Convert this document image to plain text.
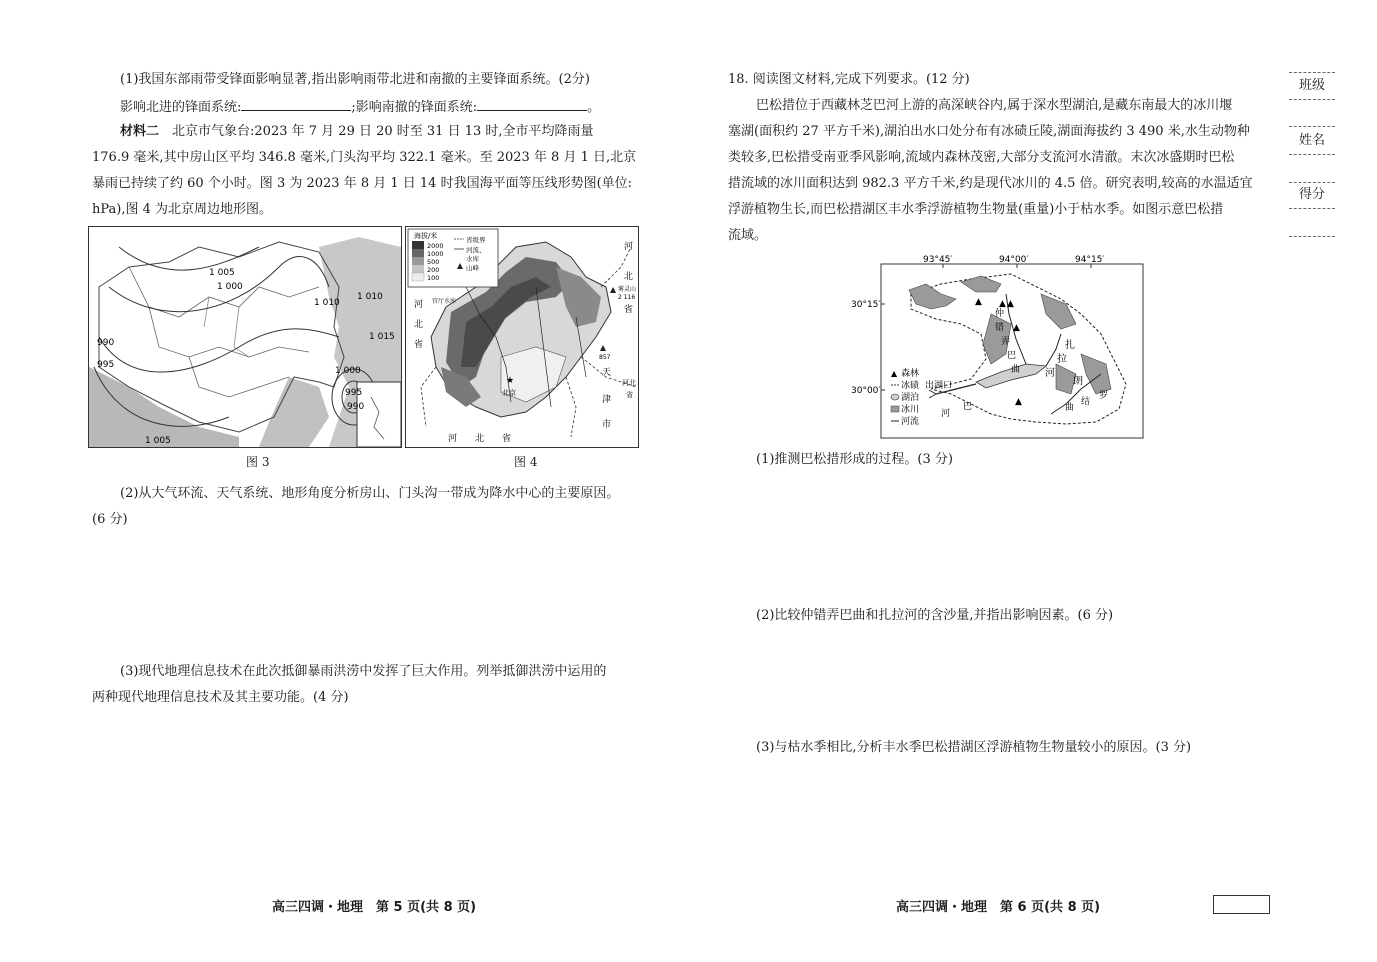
(1)我国东部雨带受锋面影响显著,指出影响雨带北进和南撤的主要锋面系统。(2分)
影响北进的锋面系统:	;影响南撤的锋面系统:	。
材料二　 北京市气象台:2023 年 7 月 29 日 20 时至 31 日 13 时,全市平均降雨量
176.9 毫米,其中房山区平均 346.8 毫米,门头沟平均 322.1 毫米。至 2023 年 8 月 1 日,北京
暴雨已持续了约 60 个小时。图 3 为 2023 年 8 月 1 日 14 时我国海平面等压线形势图(单位:
hPa),图 4 为北京周边地形图。
1 005
1 000
1 010
1 010
1 015
990
995
1 000
995
990
1 005
图 3
海拔/米
2000
1000
500
200
100
省级界
河流、
水库
山峰
河
北
省
雾灵山
2 116
河
北
省
天
津
市
河北
省
河　　北　　省
857
★
北京
官厅水库
图 4
(2)从大气环流、天气系统、地形角度分析房山、门头沟一带成为降水中心的主要原因。
(6 分)
(3)现代地理信息技术在此次抵御暴雨洪涝中发挥了巨大作用。列举抵御洪涝中运用的
两种现代地理信息技术及其主要功能。(4 分)
高三四调・地理　第 5 页(共 8 页)
18. 阅读图文材料,完成下列要求。(12 分)
巴松措位于西藏林芝巴河上游的高深峡谷内,属于深水型湖泊,是藏东南最大的冰川堰
塞湖(面积约 27 平方千米),湖泊出水口处分布有冰碛丘陵,湖面海拔约 3 490 米,水生动物种
类较多,巴松措受南亚季风影响,流域内森林茂密,大部分支流河水清澈。末次冰盛期时巴松
措流域的冰川面积达到 982.3 平方千米,约是现代冰川的 4.5 倍。研究表明,较高的水温适宜
浮游植物生长,而巴松措湖区丰水季浮游植物生物量(重量)小于枯水季。如图示意巴松措
流域。
93°45′	94°00′	94°15′
30°15′
30°00′
▲ ▲ ▲
▲
▲
▲ 森林
冰碛
湖泊
冰川
河流
出湖口
巴
河
仲
错
弄
巴
曲
扎
拉
河
朗
曲
结
罗
(1)推测巴松措形成的过程。(3 分)
(2)比较仲错弄巴曲和扎拉河的含沙量,并指出影响因素。(6 分)
(3)与枯水季相比,分析丰水季巴松措湖区浮游植物生物量较小的原因。(3 分)
高三四调・地理　第 6 页(共 8 页)
班级
姓名
得分
